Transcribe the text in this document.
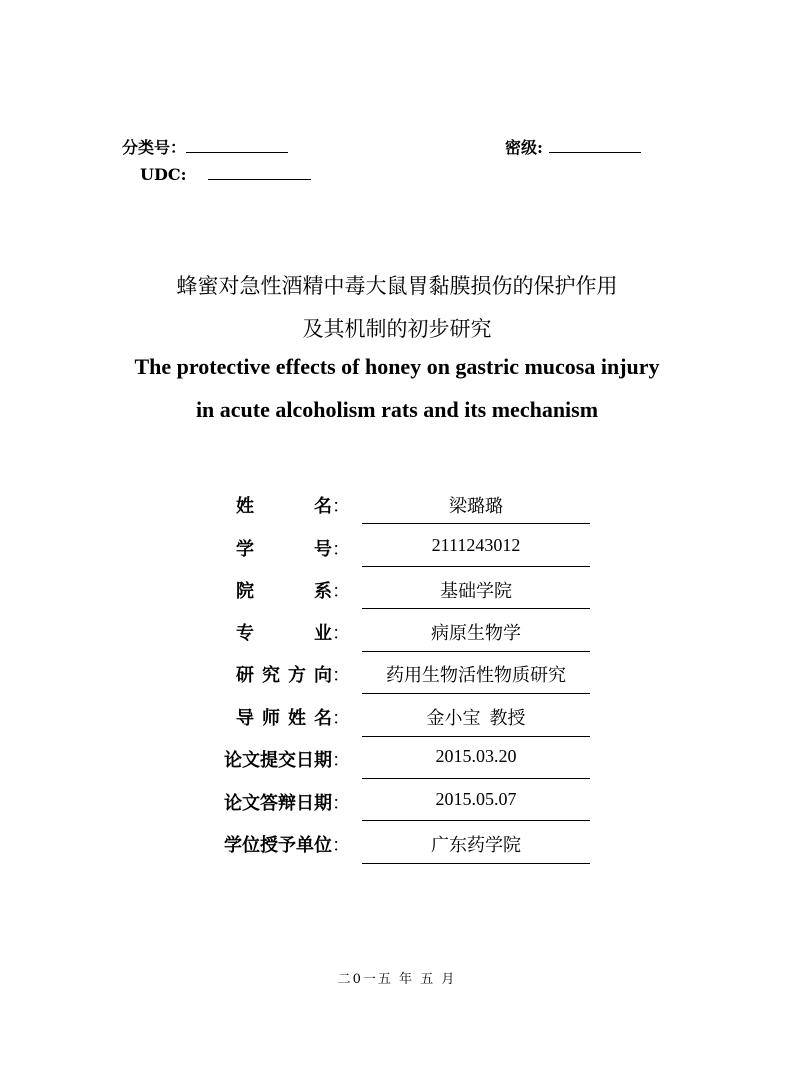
分类号：	密级:
UDC:
蜂蜜对急性酒精中毒大鼠胃黏膜损伤的保护作用
及其机制的初步研究
The protective effects of honey on gastric mucosa injury
in acute alcoholism rats and its mechanism
姓 名：	梁璐璐
学 号：	2111243012
院 系：	基础学院
专 业：	病原生物学
研究方向：	药用生物活性物质研究
导师姓名：	金小宝  教授
论文提交日期：	2015.03.20
论文答辩日期：	2015.05.07
学位授予单位：	广东药学院
二0一五 年 五 月
